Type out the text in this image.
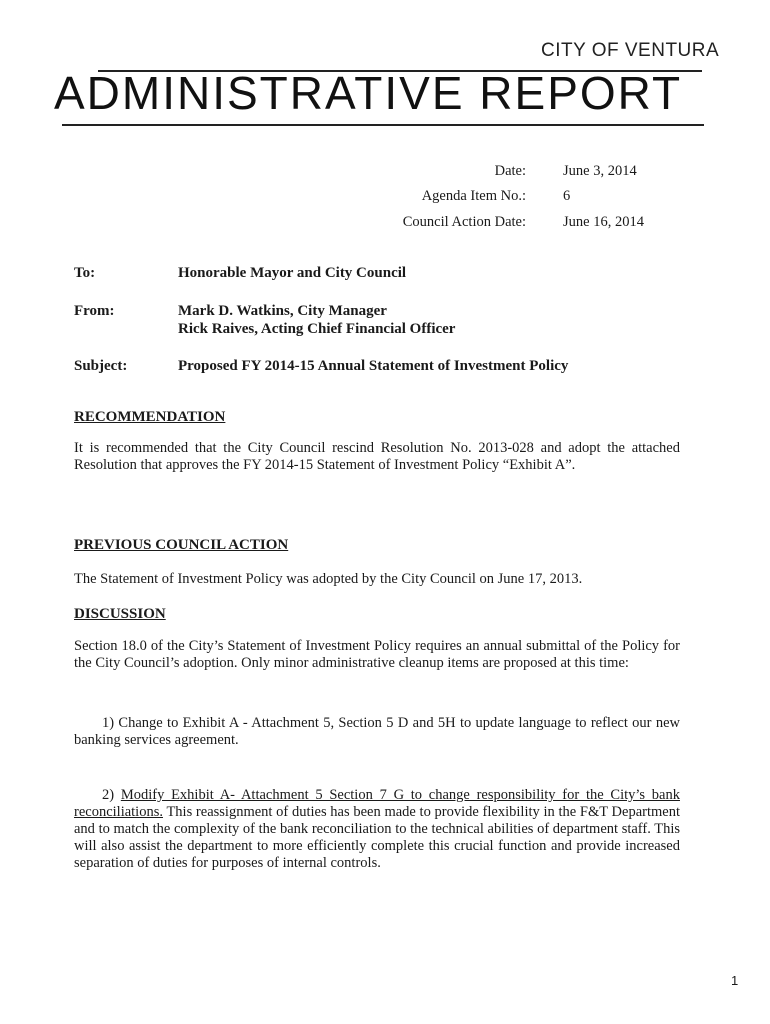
CITY OF VENTURA
ADMINISTRATIVE REPORT
Date:	June 3, 2014
Agenda Item No.:	6
Council Action Date:	June 16, 2014
To:	Honorable Mayor and City Council
From:	Mark D. Watkins, City Manager
Rick Raives, Acting Chief Financial Officer
Subject:	Proposed FY 2014-15 Annual Statement of Investment Policy
RECOMMENDATION
It is recommended that the City Council rescind Resolution No. 2013-028 and adopt the attached Resolution that approves the FY 2014-15 Statement of Investment Policy “Exhibit A”.
PREVIOUS COUNCIL ACTION
The Statement of Investment Policy was adopted by the City Council on June 17, 2013.
DISCUSSION
Section 18.0 of the City’s Statement of Investment Policy requires an annual submittal of the Policy for the City Council’s adoption. Only minor administrative cleanup items are proposed at this time:
1) Change to Exhibit A - Attachment 5, Section 5 D and 5H to update language to reflect our new banking services agreement.
2) Modify Exhibit A- Attachment 5 Section 7 G to change responsibility for the City’s bank reconciliations. This reassignment of duties has been made to provide flexibility in the F&T Department and to match the complexity of the bank reconciliation to the technical abilities of department staff. This will also assist the department to more efficiently complete this crucial function and provide increased separation of duties for purposes of internal controls.
1
